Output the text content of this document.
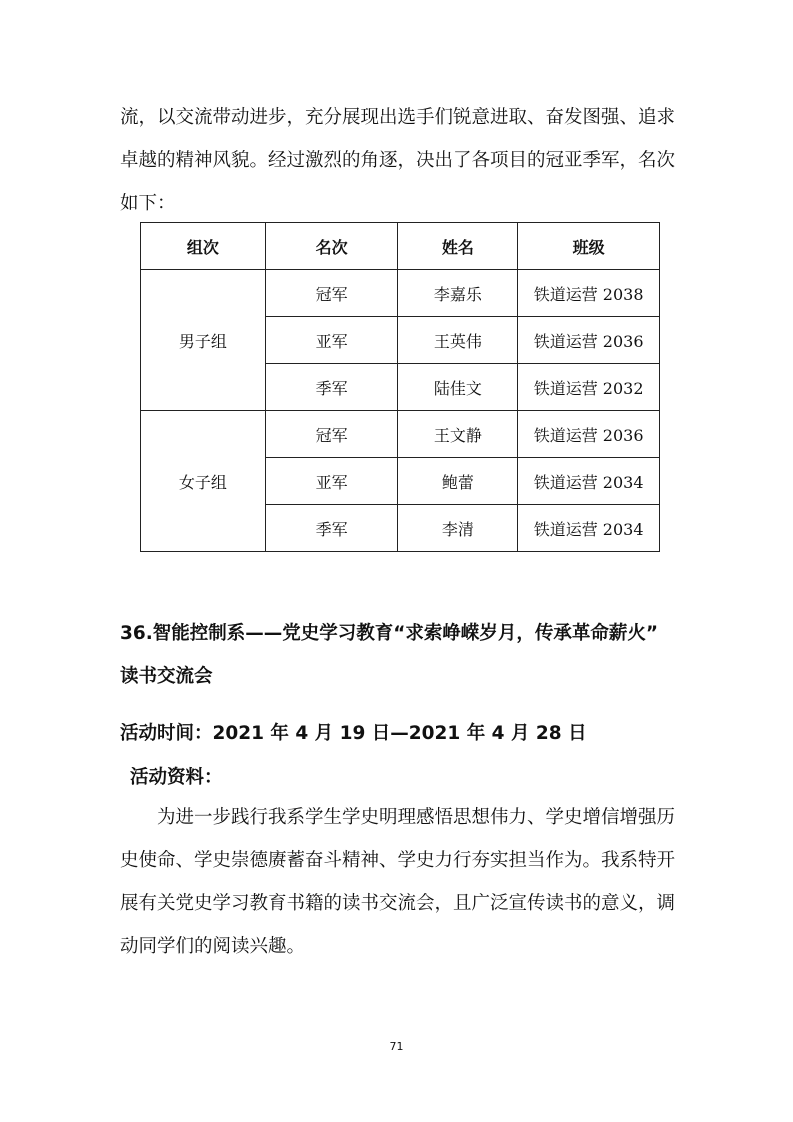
流，以交流带动进步，充分展现出选手们锐意进取、奋发图强、追求
卓越的精神风貌。经过激烈的角逐，决出了各项目的冠亚季军，名次
如下：

组次	名次	姓名	班级
男子组	冠军	李嘉乐	铁道运营 2038
	亚军	王英伟	铁道运营 2036
	季军	陆佳文	铁道运营 2032
女子组	冠军	王文静	铁道运营 2036
	亚军	鲍蕾	铁道运营 2034
	季军	李清	铁道运营 2034
36.智能控制系——党史学习教育“求索峥嵘岁月，传承革命薪火”
读书交流会

活动时间：2021 年 4 月 19 日—2021 年 4 月 28 日

活动资料：

为进一步践行我系学生学史明理感悟思想伟力、学史增信增强历
史使命、学史崇德赓蓄奋斗精神、学史力行夯实担当作为。我系特开
展有关党史学习教育书籍的读书交流会，且广泛宣传读书的意义，调
动同学们的阅读兴趣。

71
